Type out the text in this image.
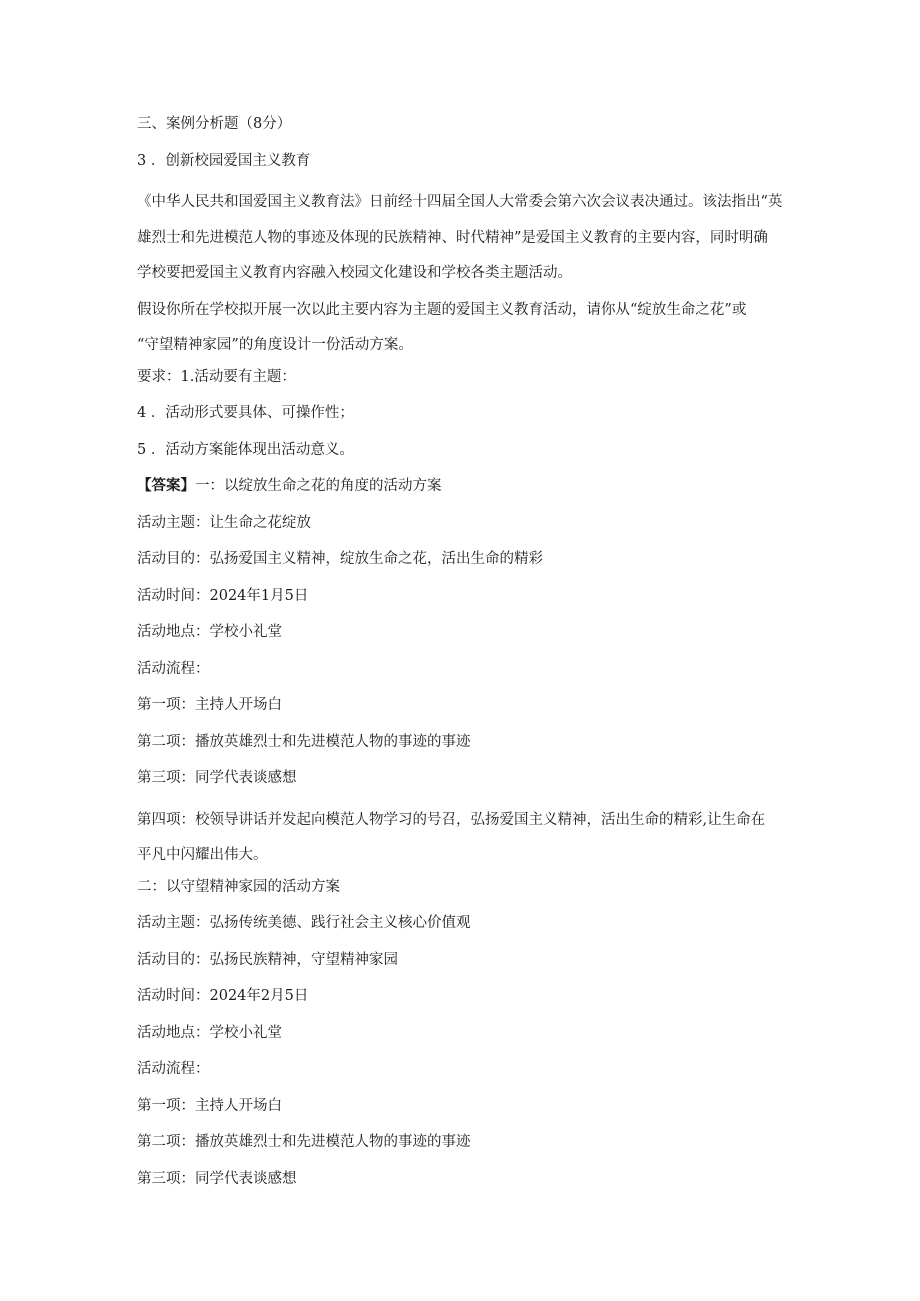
三、案例分析题（8分）
3 ．创新校园爱国主义教育
《中华人民共和国爱国主义教育法》日前经十四届全国人大常委会第六次会议表决通过。该法指出“英
雄烈士和先进模范人物的事迹及体现的民族精神、时代精神”是爱国主义教育的主要内容，同时明确
学校要把爱国主义教育内容融入校园文化建设和学校各类主题活动。
假设你所在学校拟开展一次以此主要内容为主题的爱国主义教育活动，请你从“绽放生命之花”或
“守望精神家园”的角度设计一份活动方案。
要求：1.活动要有主题：
4 ．活动形式要具体、可操作性；
5 ．活动方案能体现出活动意义。
【答案】一：以绽放生命之花的角度的活动方案
活动主题：让生命之花绽放
活动目的：弘扬爱国主义精神，绽放生命之花，活出生命的精彩
活动时间：2024年1月5日
活动地点：学校小礼堂
活动流程：
第一项：主持人开场白
第二项：播放英雄烈士和先进模范人物的事迹的事迹
第三项：同学代表谈感想
第四项：校领导讲话并发起向模范人物学习的号召，弘扬爱国主义精神，活出生命的精彩,让生命在
平凡中闪耀出伟大。
二：以守望精神家园的活动方案
活动主题：弘扬传统美德、践行社会主义核心价值观
活动目的：弘扬民族精神，守望精神家园
活动时间：2024年2月5日
活动地点：学校小礼堂
活动流程：
第一项：主持人开场白
第二项：播放英雄烈士和先进模范人物的事迹的事迹
第三项：同学代表谈感想
